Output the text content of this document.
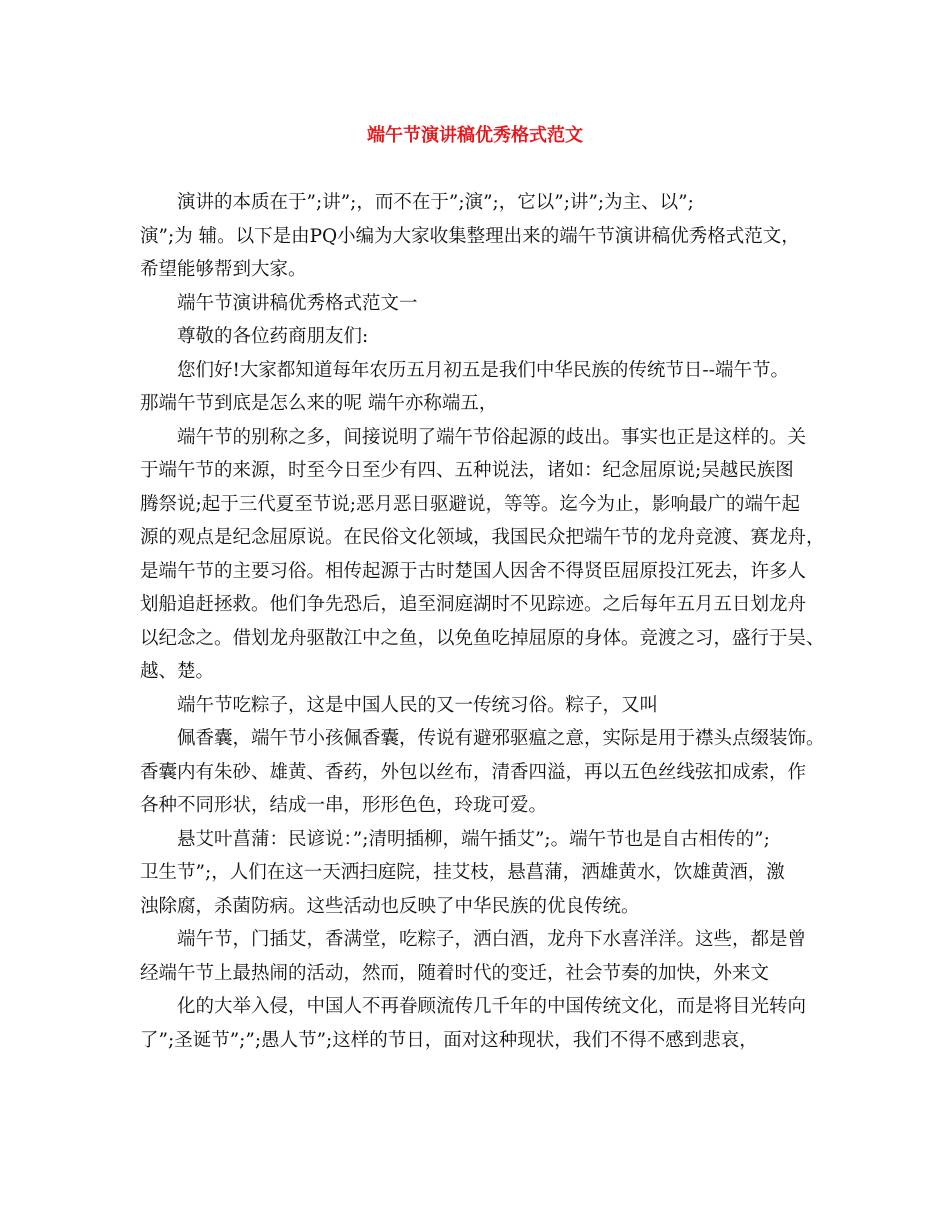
端午节演讲稿优秀格式范文

演讲的本质在于”;讲”;，而不在于”;演”;，它以”;讲”;为主、以”;
演”;为 辅。以下是由PQ小编为大家收集整理出来的端午节演讲稿优秀格式范文，
希望能够帮到大家。

端午节演讲稿优秀格式范文一

尊敬的各位药商朋友们:

您们好!大家都知道每年农历五月初五是我们中华民族的传统节日--端午节。
那端午节到底是怎么来的呢 端午亦称端五，

端午节的别称之多，间接说明了端午节俗起源的歧出。事实也正是这样的。关
于端午节的来源，时至今日至少有四、五种说法，诸如：纪念屈原说;吴越民族图
腾祭说;起于三代夏至节说;恶月恶日驱避说，等等。迄今为止，影响最广的端午起
源的观点是纪念屈原说。在民俗文化领域，我国民众把端午节的龙舟竞渡、赛龙舟，
是端午节的主要习俗。相传起源于古时楚国人因舍不得贤臣屈原投江死去，许多人
划船追赶拯救。他们争先恐后，追至洞庭湖时不见踪迹。之后每年五月五日划龙舟
以纪念之。借划龙舟驱散江中之鱼，以免鱼吃掉屈原的身体。竞渡之习，盛行于吴、
越、楚。

端午节吃粽子，这是中国人民的又一传统习俗。粽子，又叫

佩香囊，端午节小孩佩香囊，传说有避邪驱瘟之意，实际是用于襟头点缀装饰。
香囊内有朱砂、雄黄、香药，外包以丝布，清香四溢，再以五色丝线弦扣成索，作
各种不同形状，结成一串，形形色色，玲珑可爱。

悬艾叶菖蒲：民谚说：”;清明插柳，端午插艾”;。端午节也是自古相传的”;
卫生节”;，人们在这一天洒扫庭院，挂艾枝，悬菖蒲，洒雄黄水，饮雄黄酒，激
浊除腐，杀菌防病。这些活动也反映了中华民族的优良传统。

端午节，门插艾，香满堂，吃粽子，洒白酒，龙舟下水喜洋洋。这些，都是曾
经端午节上最热闹的活动，然而，随着时代的变迁，社会节奏的加快，外来文

化的大举入侵，中国人不再眷顾流传几千年的中国传统文化，而是将目光转向
了”;圣诞节”;”;愚人节”;这样的节日，面对这种现状，我们不得不感到悲哀，
